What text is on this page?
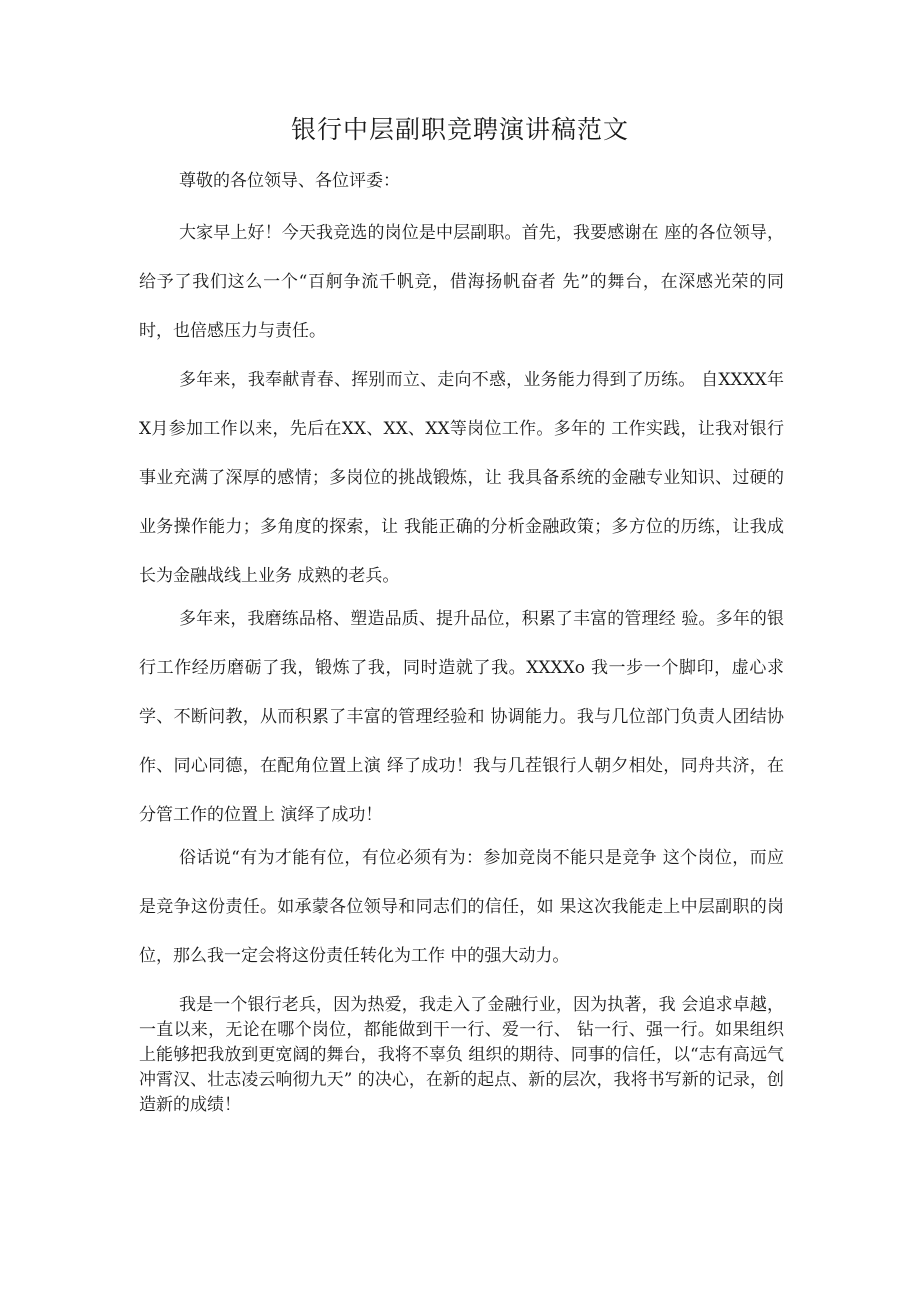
银行中层副职竞聘演讲稿范文

尊敬的各位领导、各位评委：

大家早上好！今天我竞选的岗位是中层副职。首先，我要感谢在 座的各位领导，给予了我们这么一个“百舸争流千帆竞，借海扬帆奋者 先”的舞台，在深感光荣的同时，也倍感压力与责任。

多年来，我奉献青春、挥别而立、走向不惑，业务能力得到了历练。 自XXXX年X月参加工作以来，先后在XX、XX、XX等岗位工作。多年的 工作实践，让我对银行事业充满了深厚的感情；多岗位的挑战锻炼，让 我具备系统的金融专业知识、过硬的业务操作能力；多角度的探索，让 我能正确的分析金融政策；多方位的历练，让我成长为金融战线上业务 成熟的老兵。

多年来，我磨练品格、塑造品质、提升品位，积累了丰富的管理经 验。多年的银行工作经历磨砺了我，锻炼了我，同时造就了我。XXXXo 我一步一个脚印，虚心求学、不断问教，从而积累了丰富的管理经验和 协调能力。我与几位部门负责人团结协作、同心同德，在配角位置上演 绎了成功！我与几茬银行人朝夕相处，同舟共济，在分管工作的位置上 演绎了成功！

俗话说“有为才能有位，有位必须有为：参加竞岗不能只是竞争 这个岗位，而应是竞争这份责任。如承蒙各位领导和同志们的信任，如 果这次我能走上中层副职的岗位，那么我一定会将这份责任转化为工作 中的强大动力。

我是一个银行老兵，因为热爱，我走入了金融行业，因为执著，我 会追求卓越，一直以来，无论在哪个岗位，都能做到干一行、爱一行、 钻一行、强一行。如果组织上能够把我放到更宽阔的舞台，我将不辜负 组织的期待、同事的信任，以“志有高远气冲霄汉、壮志凌云响彻九天” 的决心，在新的起点、新的层次，我将书写新的记录，创造新的成绩！
